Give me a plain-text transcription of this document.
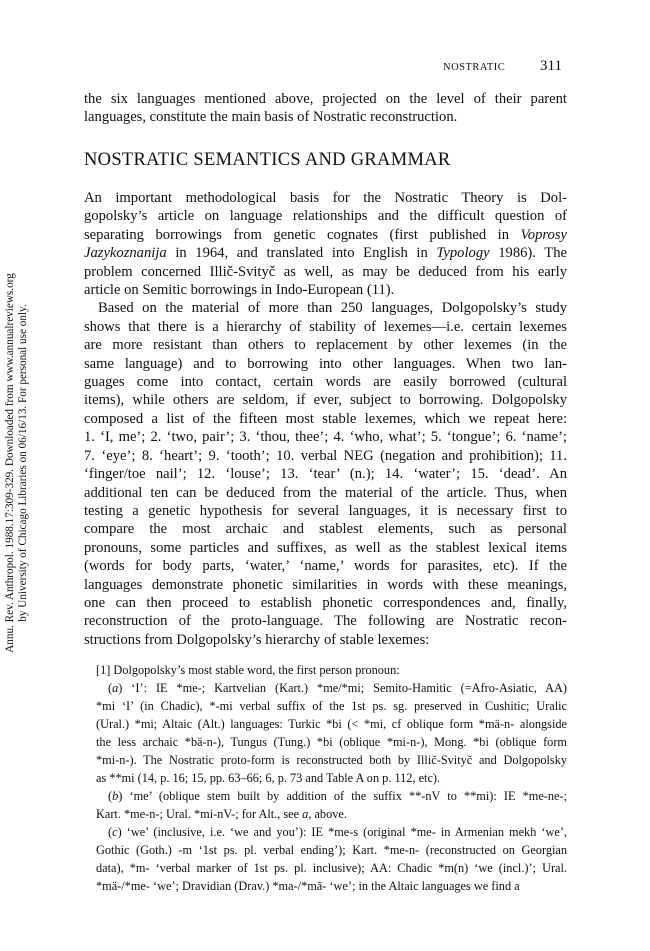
NOSTRATIC 311
Annu. Rev. Anthropol. 1988.17:309-329. Downloaded from www.annualreviews.org by University of Chicago Libraries on 06/16/13. For personal use only.
the six languages mentioned above, projected on the level of their parent
languages, constitute the main basis of Nostratic reconstruction.
NOSTRATIC SEMANTICS AND GRAMMAR
An important methodological basis for the Nostratic Theory is Dol-
gopolsky’s article on language relationships and the difficult question of
separating borrowings from genetic cognates (first published in Voprosy
Jazykoznanija in 1964, and translated into English in Typology 1986). The
problem concerned Illič-Svityč as well, as may be deduced from his early
article on Semitic borrowings in Indo-European (11).
Based on the material of more than 250 languages, Dolgopolsky’s study
shows that there is a hierarchy of stability of lexemes—i.e. certain lexemes
are more resistant than others to replacement by other lexemes (in the
same language) and to borrowing into other languages. When two lan-
guages come into contact, certain words are easily borrowed (cultural
items), while others are seldom, if ever, subject to borrowing. Dolgopolsky
composed a list of the fifteen most stable lexemes, which we repeat here:
1. ‘I, me’; 2. ‘two, pair’; 3. ‘thou, thee’; 4. ‘who, what’; 5. ‘tongue’; 6. ‘name’;
7. ‘eye’; 8. ‘heart’; 9. ‘tooth’; 10. verbal NEG (negation and prohibition); 11.
‘finger/toe nail’; 12. ‘louse’; 13. ‘tear’ (n.); 14. ‘water’; 15. ‘dead’. An
additional ten can be deduced from the material of the article. Thus, when
testing a genetic hypothesis for several languages, it is necessary first to
compare the most archaic and stablest elements, such as personal
pronouns, some particles and suffixes, as well as the stablest lexical items
(words for body parts, ‘water,’ ‘name,’ words for parasites, etc). If the
languages demonstrate phonetic similarities in words with these meanings,
one can then proceed to establish phonetic correspondences and, finally,
reconstruction of the proto-language. The following are Nostratic recon-
structions from Dolgopolsky’s hierarchy of stable lexemes:
[1] Dolgopolsky’s most stable word, the first person pronoun:
(a) ‘I’: IE *me-; Kartvelian (Kart.) *me/*mi; Semito-Hamitic (=Afro-Asiatic, AA)
*mi ‘I’ (in Chadic), *-mi verbal suffix of the 1st ps. sg. preserved in Cushitic; Uralic
(Ural.) *mi; Altaic (Alt.) languages: Turkic *bi (< *mi, cf oblique form *mä-n- alongside
the less archaic *bä-n-), Tungus (Tung.) *bi (oblique *mi-n-), Mong. *bi (oblique form
*mi-n-). The Nostratic proto-form is reconstructed both by Illič-Svityč and Dolgopolsky
as **mi (14, p. 16; 15, pp. 63–66; 6, p. 73 and Table A on p. 112, etc).
(b) ‘me’ (oblique stem built by addition of the suffix **-nV to **mi): IE *me-ne-;
Kart. *me-n-; Ural. *mi-nV-; for Alt., see a, above.
(c) ‘we’ (inclusive, i.e. ‘we and you’): IE *me-s (original *me- in Armenian mekh ‘we’,
Gothic (Goth.) -m ‘1st ps. pl. verbal ending’); Kart. *me-n- (reconstructed on Georgian
data), *m- ‘verbal marker of 1st ps. pl. inclusive); AA: Chadic *m(n) ‘we (incl.)’; Ural.
*mä-/*me- ‘we’; Dravidian (Drav.) *ma-/*mā- ‘we’; in the Altaic languages we find a
